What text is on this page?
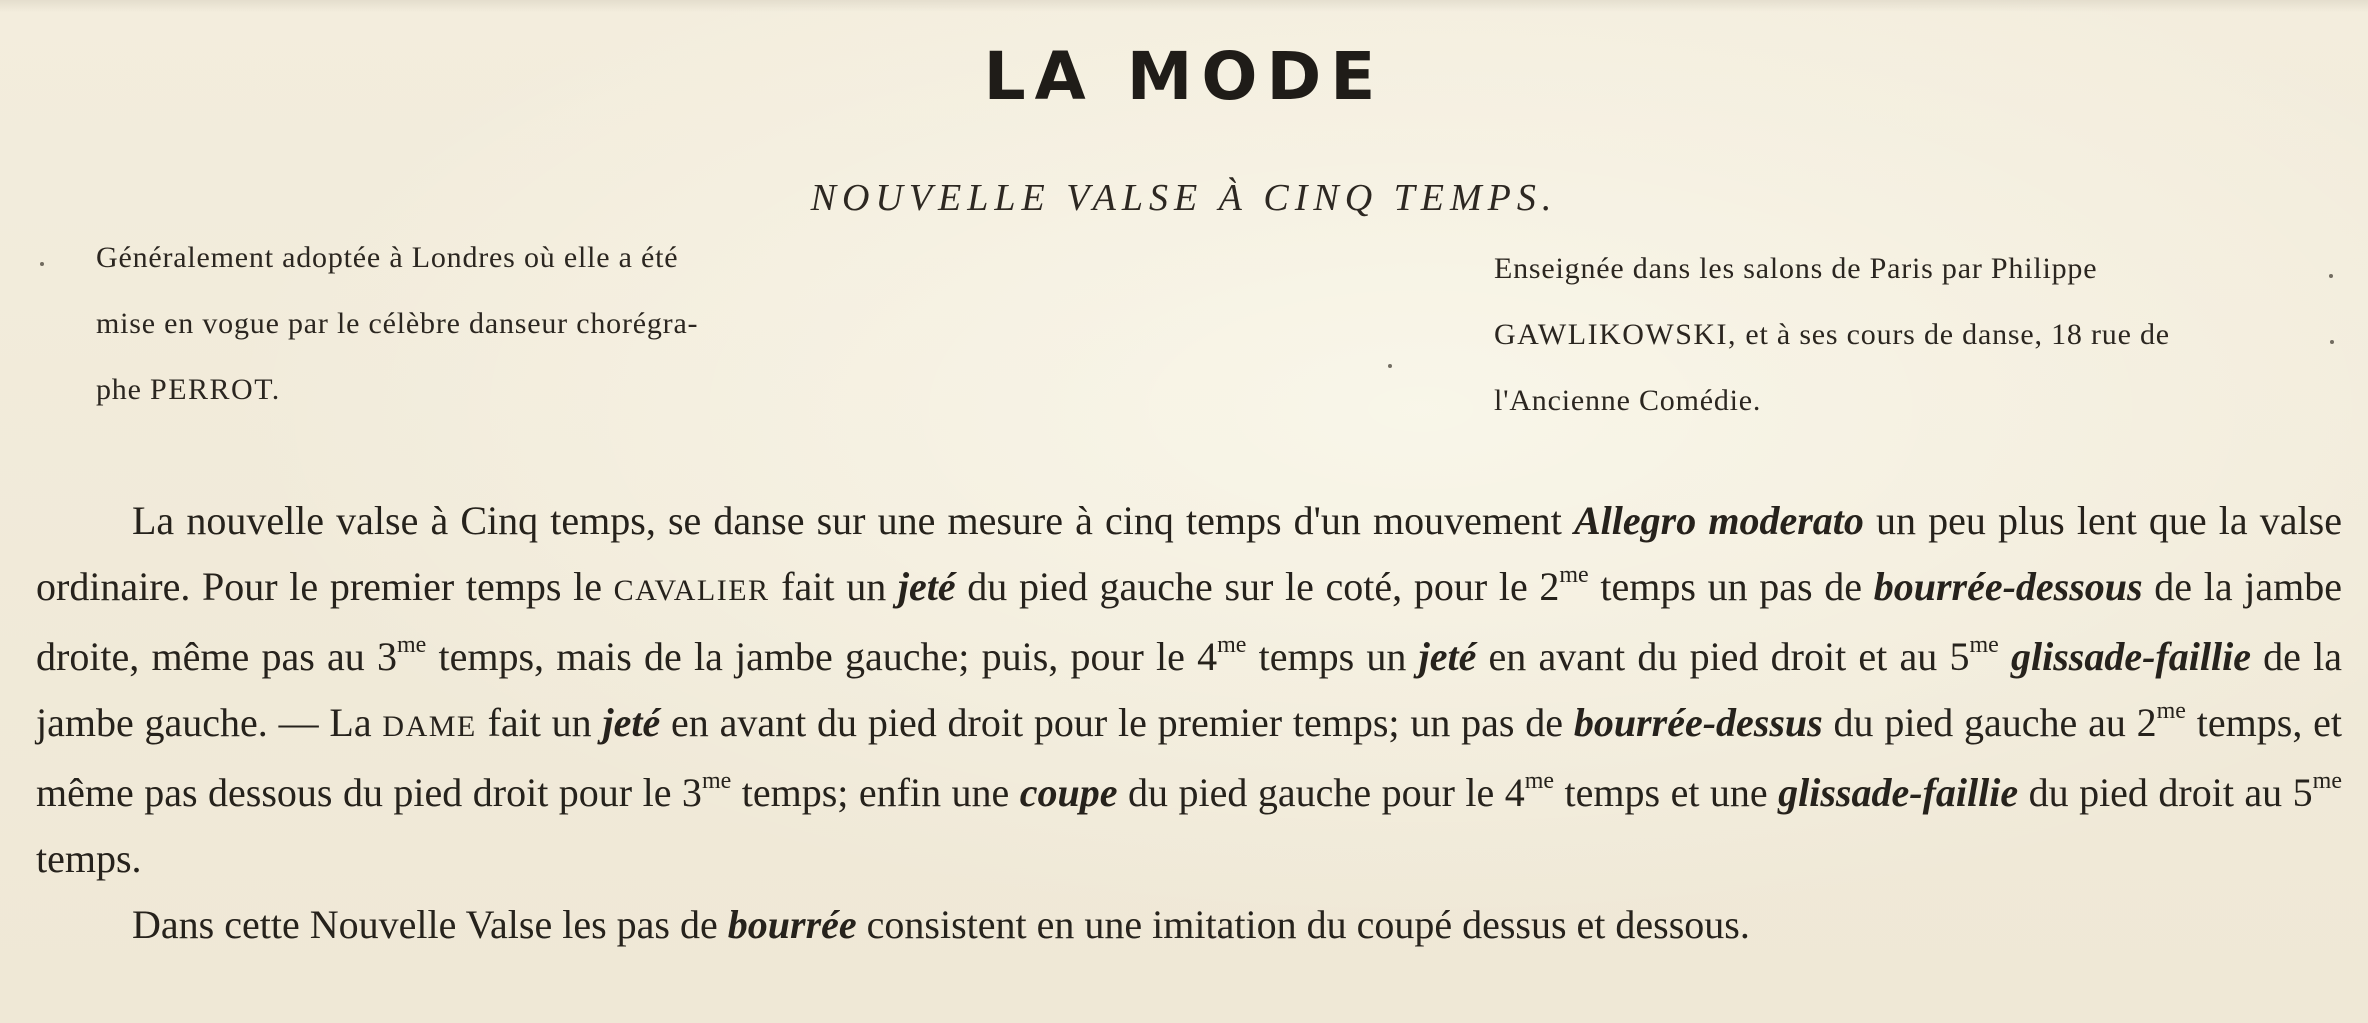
LA MODE
NOUVELLE VALSE À CINQ TEMPS.
Généralement adoptée à Londres où elle a été
mise en vogue par le célèbre danseur chorégra-
phe PERROT.
Enseignée dans les salons de Paris par Philippe
GAWLIKOWSKI, et à ses cours de danse, 18 rue de
l'Ancienne Comédie.

La nouvelle valse à Cinq temps, se danse sur une mesure à cinq temps d'un mouvement Allegro moderato un peu plus lent que la valse ordinaire. Pour le premier temps le CAVALIER fait un jeté du pied gauche sur le coté, pour le $2^{me}$ temps un pas de bourrée-dessous de la jambe droite, même pas au $3^{me}$ temps, mais de la jambe gauche; puis, pour le $4^{me}$ temps un jeté en avant du pied droit et au $5^{me}$ glissade-faillie de la jambe gauche. — La DAME fait un jeté en avant du pied droit pour le premier temps; un pas de bourrée-dessus du pied gauche au $2^{me}$ temps, et même pas dessous du pied droit pour le $3^{me}$ temps; enfin une coupe du pied gauche pour le $4^{me}$ temps et une glissade-faillie du pied droit au $5^{me}$ temps.

Dans cette Nouvelle Valse les pas de bourrée consistent en une imitation du coupé dessus et dessous.
